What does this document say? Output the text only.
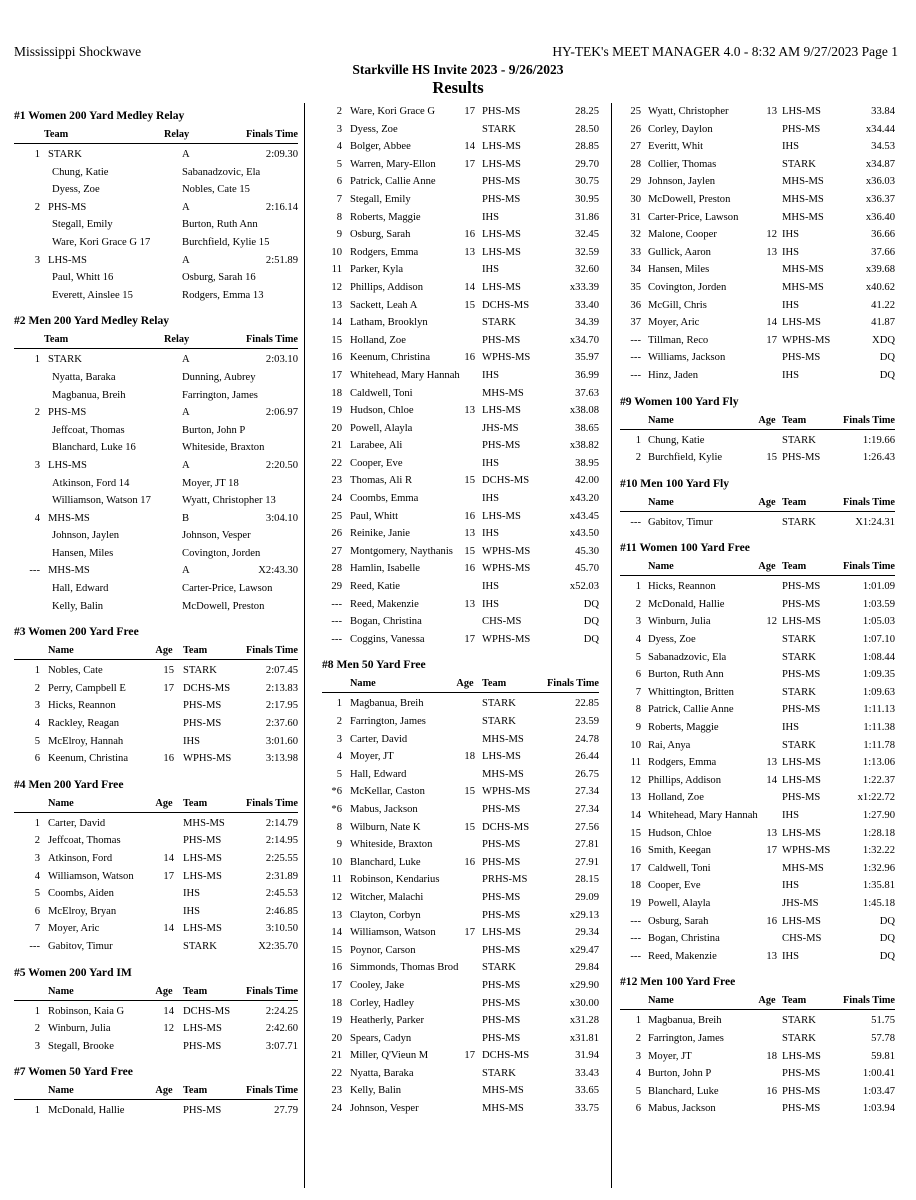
Mississippi Shockwave	HY-TEK's MEET MANAGER 4.0 - 8:32 AM 9/27/2023 Page 1
Starkville HS Invite 2023 - 9/26/2023
Results
#1 Women 200 Yard Medley Relay
Team	Relay	Finals Time
1 STARK	A	2:09.30
Chung, Katie	Sabanadzovic, Ela
Dyess, Zoe	Nobles, Cate 15
2 PHS-MS	A	2:16.14
Stegall, Emily	Burton, Ruth Ann
Ware, Kori Grace G 17	Burchfield, Kylie 15
3 LHS-MS	A	2:51.89
Paul, Whitt 16	Osburg, Sarah 16
Everett, Ainslee 15	Rodgers, Emma 13
#2 Men 200 Yard Medley Relay
Team	Relay	Finals Time
1 STARK	A	2:03.10
Nyatta, Baraka	Dunning, Aubrey
Magbanua, Breih	Farrington, James
2 PHS-MS	A	2:06.97
Jeffcoat, Thomas	Burton, John P
Blanchard, Luke 16	Whiteside, Braxton
3 LHS-MS	A	2:20.50
Atkinson, Ford 14	Moyer, JT 18
Williamson, Watson 17	Wyatt, Christopher 13
4 MHS-MS	B	3:04.10
Johnson, Jaylen	Johnson, Vesper
Hansen, Miles	Covington, Jorden
--- MHS-MS	A	X2:43.30
Hall, Edward	Carter-Price, Lawson
Kelly, Balin	McDowell, Preston
#3 Women 200 Yard Free
Name	Age	Team	Finals Time
1 Nobles, Cate	15 STARK	2:07.45
2 Perry, Campbell E	17 DCHS-MS	2:13.83
3 Hicks, Reannon	PHS-MS	2:17.95
4 Rackley, Reagan	PHS-MS	2:37.60
5 McElroy, Hannah	IHS	3:01.60
6 Keenum, Christina	16 WPHS-MS	3:13.98
#4 Men 200 Yard Free
Name	Age	Team	Finals Time
1 Carter, David	MHS-MS	2:14.79
2 Jeffcoat, Thomas	PHS-MS	2:14.95
3 Atkinson, Ford	14 LHS-MS	2:25.55
4 Williamson, Watson	17 LHS-MS	2:31.89
5 Coombs, Aiden	IHS	2:45.53
6 McElroy, Bryan	IHS	2:46.85
7 Moyer, Aric	14 LHS-MS	3:10.50
--- Gabitov, Timur	STARK	X2:35.70
#5 Women 200 Yard IM
Name	Age	Team	Finals Time
1 Robinson, Kaia G	14 DCHS-MS	2:24.25
2 Winburn, Julia	12 LHS-MS	2:42.60
3 Stegall, Brooke	PHS-MS	3:07.71
#7 Women 50 Yard Free
Name	Age	Team	Finals Time
1 McDonald, Hallie	PHS-MS	27.79
2 Ware, Kori Grace G	17 PHS-MS	28.25
3 Dyess, Zoe	STARK	28.50
4 Bolger, Abbee	14 LHS-MS	28.85
5 Warren, Mary-Ellon	17 LHS-MS	29.70
6 Patrick, Callie Anne	PHS-MS	30.75
7 Stegall, Emily	PHS-MS	30.95
8 Roberts, Maggie	IHS	31.86
9 Osburg, Sarah	16 LHS-MS	32.45
10 Rodgers, Emma	13 LHS-MS	32.59
11 Parker, Kyla	IHS	32.60
12 Phillips, Addison	14 LHS-MS	x33.39
13 Sackett, Leah A	15 DCHS-MS	33.40
14 Latham, Brooklyn	STARK	34.39
15 Holland, Zoe	PHS-MS	x34.70
16 Keenum, Christina	16 WPHS-MS	35.97
17 Whitehead, Mary Hannah IHS	36.99
18 Caldwell, Toni	MHS-MS	37.63
19 Hudson, Chloe	13 LHS-MS	x38.08
20 Powell, Alayla	JHS-MS	38.65
21 Larabee, Ali	PHS-MS	x38.82
22 Cooper, Eve	IHS	38.95
23 Thomas, Ali R	15 DCHS-MS	42.00
24 Coombs, Emma	IHS	x43.20
25 Paul, Whitt	16 LHS-MS	x43.45
26 Reinike, Janie	13 IHS	x43.50
27 Montgomery, Naythanis	15 WPHS-MS	45.30
28 Hamlin, Isabelle	16 WPHS-MS	45.70
29 Reed, Katie	IHS	x52.03
--- Reed, Makenzie	13 IHS	DQ
--- Bogan, Christina	CHS-MS	DQ
--- Coggins, Vanessa	17 WPHS-MS	DQ
#8 Men 50 Yard Free
Name	Age Team	Finals Time
1 Magbanua, Breih	STARK	22.85
2 Farrington, James	STARK	23.59
3 Carter, David	MHS-MS	24.78
4 Moyer, JT	18 LHS-MS	26.44
5 Hall, Edward	MHS-MS	26.75
*6 McKellar, Caston	15 WPHS-MS	27.34
*6 Mabus, Jackson	PHS-MS	27.34
8 Wilburn, Nate K	15 DCHS-MS	27.56
9 Whiteside, Braxton	PHS-MS	27.81
10 Blanchard, Luke	16 PHS-MS	27.91
11 Robinson, Kendarius	PRHS-MS	28.15
12 Witcher, Malachi	PHS-MS	29.09
13 Clayton, Corbyn	PHS-MS	x29.13
14 Williamson, Watson	17 LHS-MS	29.34
15 Poynor, Carson	PHS-MS	x29.47
16 Simmonds, Thomas Brod STARK	29.84
17 Cooley, Jake	PHS-MS	x29.90
18 Corley, Hadley	PHS-MS	x30.00
19 Heatherly, Parker	PHS-MS	x31.28
20 Spears, Cadyn	PHS-MS	x31.81
21 Miller, Q'Vieun M	17 DCHS-MS	31.94
22 Nyatta, Baraka	STARK	33.43
23 Kelly, Balin	MHS-MS	33.65
24 Johnson, Vesper	MHS-MS	33.75
25 Wyatt, Christopher	13 LHS-MS	33.84
26 Corley, Daylon	PHS-MS	x34.44
27 Everitt, Whit	IHS	34.53
28 Collier, Thomas	STARK	x34.87
29 Johnson, Jaylen	MHS-MS	x36.03
30 McDowell, Preston	MHS-MS	x36.37
31 Carter-Price, Lawson	MHS-MS	x36.40
32 Malone, Cooper	12 IHS	36.66
33 Gullick, Aaron	13 IHS	37.66
34 Hansen, Miles	MHS-MS	x39.68
35 Covington, Jorden	MHS-MS	x40.62
36 McGill, Chris	IHS	41.22
37 Moyer, Aric	14 LHS-MS	41.87
--- Tillman, Reco	17 WPHS-MS	XDQ
--- Williams, Jackson	PHS-MS	DQ
--- Hinz, Jaden	IHS	DQ
#9 Women 100 Yard Fly
Name	Age Team	Finals Time
1 Chung, Katie	STARK	1:19.66
2 Burchfield, Kylie	15 PHS-MS	1:26.43
#10 Men 100 Yard Fly
Name	Age Team	Finals Time
--- Gabitov, Timur	STARK	X1:24.31
#11 Women 100 Yard Free
Name	Age Team	Finals Time
1 Hicks, Reannon	PHS-MS	1:01.09
2 McDonald, Hallie	PHS-MS	1:03.59
3 Winburn, Julia	12 LHS-MS	1:05.03
4 Dyess, Zoe	STARK	1:07.10
5 Sabanadzovic, Ela	STARK	1:08.44
6 Burton, Ruth Ann	PHS-MS	1:09.35
7 Whittington, Britten	STARK	1:09.63
8 Patrick, Callie Anne	PHS-MS	1:11.13
9 Roberts, Maggie	IHS	1:11.38
10 Rai, Anya	STARK	1:11.78
11 Rodgers, Emma	13 LHS-MS	1:13.06
12 Phillips, Addison	14 LHS-MS	1:22.37
13 Holland, Zoe	PHS-MS	x1:22.72
14 Whitehead, Mary Hannah IHS	1:27.90
15 Hudson, Chloe	13 LHS-MS	1:28.18
16 Smith, Keegan	17 WPHS-MS	1:32.22
17 Caldwell, Toni	MHS-MS	1:32.96
18 Cooper, Eve	IHS	1:35.81
19 Powell, Alayla	JHS-MS	1:45.18
--- Osburg, Sarah	16 LHS-MS	DQ
--- Bogan, Christina	CHS-MS	DQ
--- Reed, Makenzie	13 IHS	DQ
#12 Men 100 Yard Free
Name	Age Team	Finals Time
1 Magbanua, Breih	STARK	51.75
2 Farrington, James	STARK	57.78
3 Moyer, JT	18 LHS-MS	59.81
4 Burton, John P	PHS-MS	1:00.41
5 Blanchard, Luke	16 PHS-MS	1:03.47
6 Mabus, Jackson	PHS-MS	1:03.94
